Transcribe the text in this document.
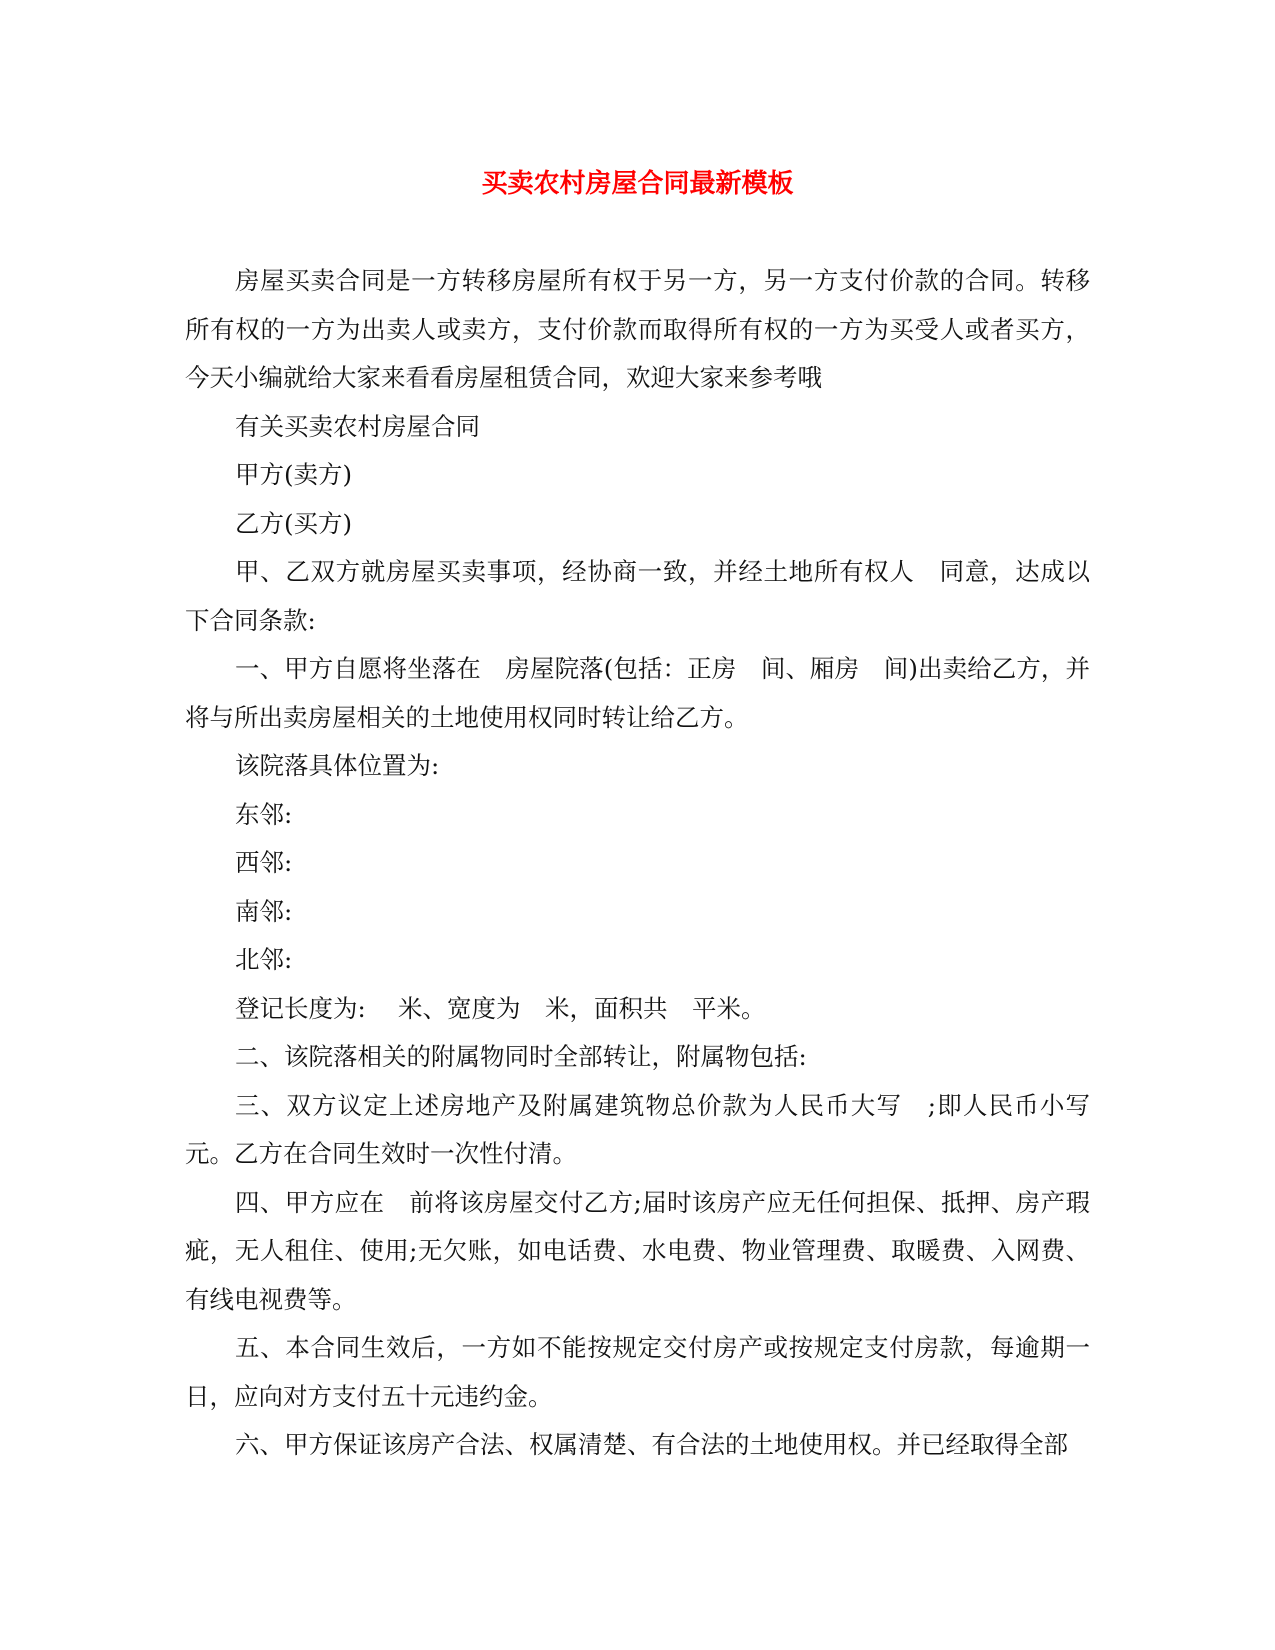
买卖农村房屋合同最新模板

房屋买卖合同是一方转移房屋所有权于另一方，另一方支付价款的合同。转移所有权的一方为出卖人或卖方，支付价款而取得所有权的一方为买受人或者买方，今天小编就给大家来看看房屋租赁合同，欢迎大家来参考哦

有关买卖农村房屋合同

甲方(卖方)

乙方(买方)

甲、乙双方就房屋买卖事项，经协商一致，并经土地所有权人　同意，达成以下合同条款:

一、甲方自愿将坐落在　房屋院落(包括：正房　间、厢房　间)出卖给乙方，并将与所出卖房屋相关的土地使用权同时转让给乙方。

该院落具体位置为:

东邻:

西邻:

南邻:

北邻:

登记长度为:　 米、宽度为　米，面积共　平米。

二、该院落相关的附属物同时全部转让，附属物包括:

三、双方议定上述房地产及附属建筑物总价款为人民币大写　;即人民币小写　元。乙方在合同生效时一次性付清。

四、甲方应在　前将该房屋交付乙方;届时该房产应无任何担保、抵押、房产瑕疵，无人租住、使用;无欠账，如电话费、水电费、物业管理费、取暖费、入网费、有线电视费等。

五、本合同生效后，一方如不能按规定交付房产或按规定支付房款，每逾期一日，应向对方支付五十元违约金。

六、甲方保证该房产合法、权属清楚、有合法的土地使用权。并已经取得全部
